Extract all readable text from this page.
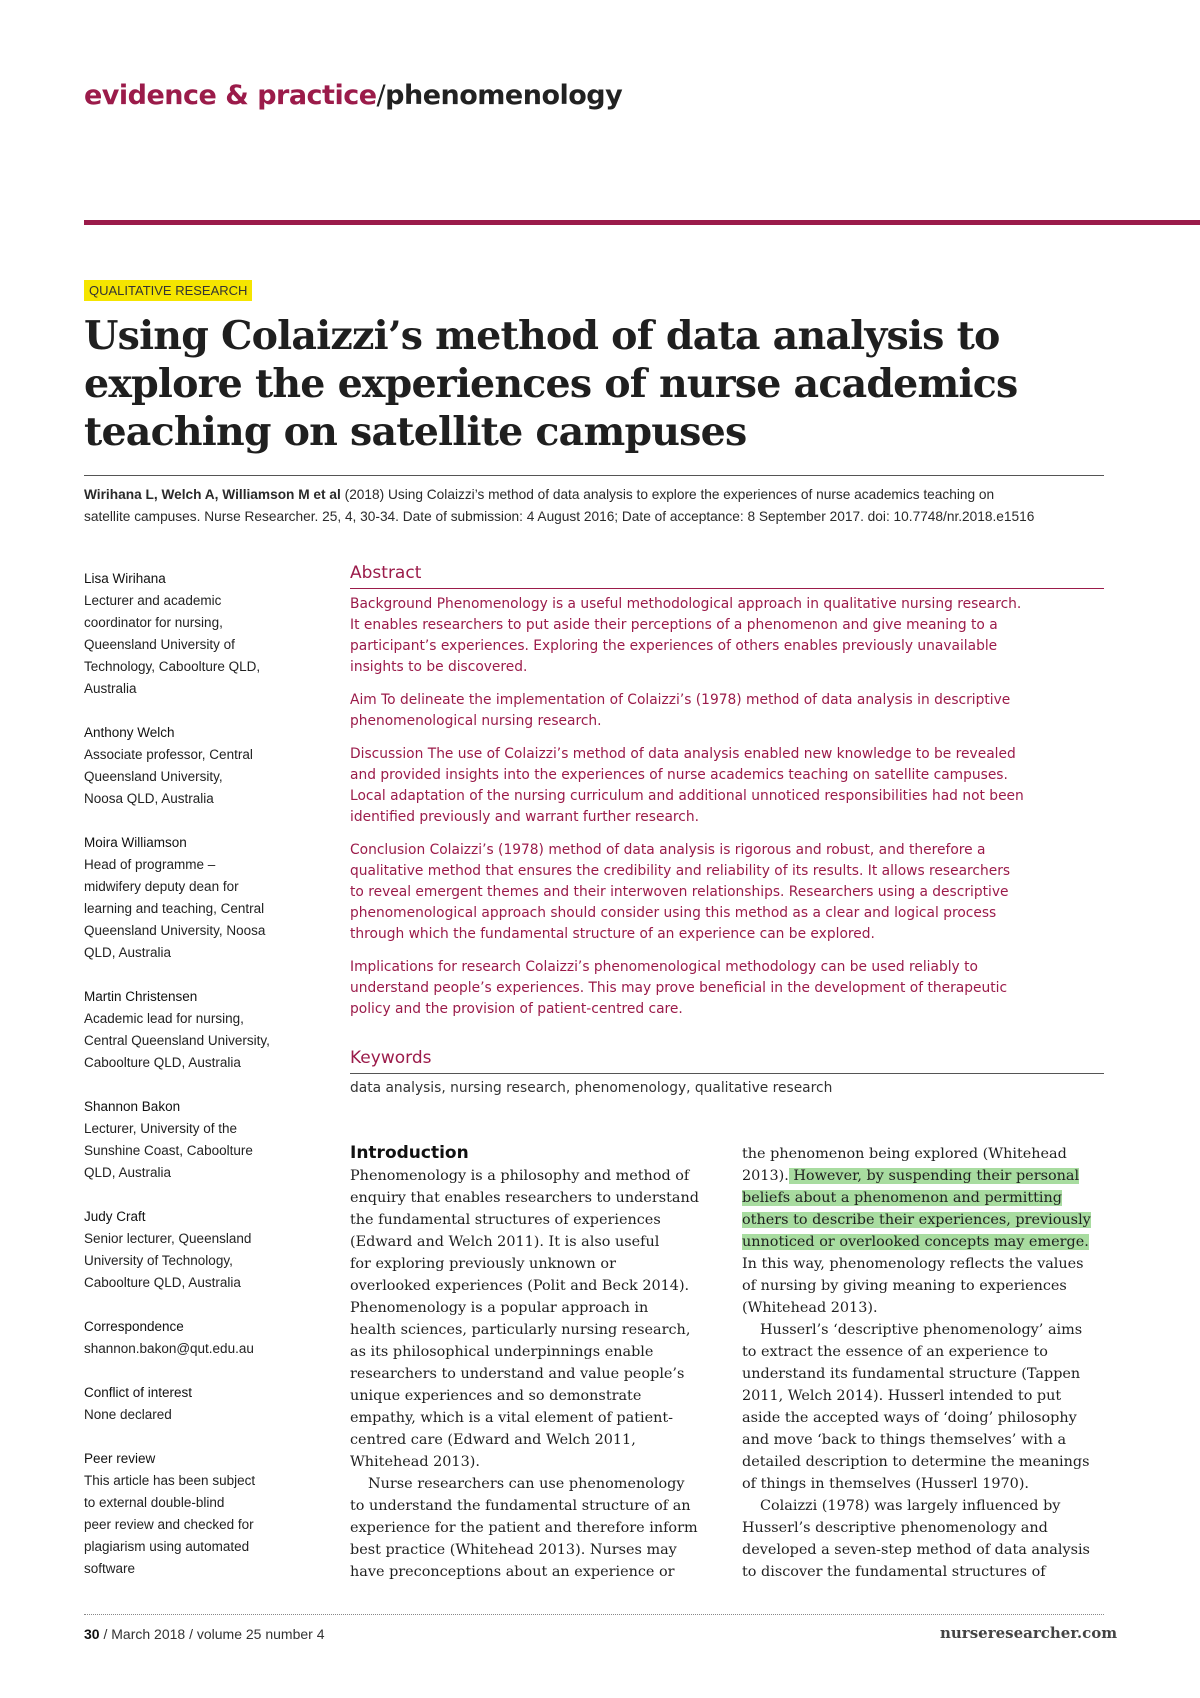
evidence & practice/phenomenology
QUALITATIVE RESEARCH
Using Colaizzi’s method of data analysis to
explore the experiences of nurse academics
teaching on satellite campuses
Wirihana L, Welch A, Williamson M et al (2018) Using Colaizzi’s method of data analysis to explore the experiences of nurse academics teaching on
satellite campuses. Nurse Researcher. 25, 4, 30-34. Date of submission: 4 August 2016; Date of acceptance: 8 September 2017. doi: 10.7748/nr.2018.e1516
Lisa Wirihana
Lecturer and academic
coordinator for nursing,
Queensland University of
Technology, Caboolture QLD,
Australia
Anthony Welch
Associate professor, Central
Queensland University,
Noosa QLD, Australia
Moira Williamson
Head of programme –
midwifery deputy dean for
learning and teaching, Central
Queensland University, Noosa
QLD, Australia
Martin Christensen
Academic lead for nursing,
Central Queensland University,
Caboolture QLD, Australia
Shannon Bakon
Lecturer, University of the
Sunshine Coast, Caboolture
QLD, Australia
Judy Craft
Senior lecturer, Queensland
University of Technology,
Caboolture QLD, Australia
Correspondence
shannon.bakon@qut.edu.au
Conflict of interest
None declared
Peer review
This article has been subject
to external double-blind
peer review and checked for
plagiarism using automated
software
Abstract

Background Phenomenology is a useful methodological approach in qualitative nursing research.
It enables researchers to put aside their perceptions of a phenomenon and give meaning to a
participant’s experiences. Exploring the experiences of others enables previously unavailable
insights to be discovered.

Aim To delineate the implementation of Colaizzi’s (1978) method of data analysis in descriptive
phenomenological nursing research.

Discussion The use of Colaizzi’s method of data analysis enabled new knowledge to be revealed
and provided insights into the experiences of nurse academics teaching on satellite campuses.
Local adaptation of the nursing curriculum and additional unnoticed responsibilities had not been
identified previously and warrant further research.

Conclusion Colaizzi’s (1978) method of data analysis is rigorous and robust, and therefore a
qualitative method that ensures the credibility and reliability of its results. It allows researchers
to reveal emergent themes and their interwoven relationships. Researchers using a descriptive
phenomenological approach should consider using this method as a clear and logical process
through which the fundamental structure of an experience can be explored.

Implications for research Colaizzi’s phenomenological methodology can be used reliably to
understand people’s experiences. This may prove beneficial in the development of therapeutic
policy and the provision of patient-centred care.

Keywords
data analysis, nursing research, phenomenology, qualitative research
Introduction

Phenomenology is a philosophy and method of
enquiry that enables researchers to understand
the fundamental structures of experiences
(Edward and Welch 2011). It is also useful
for exploring previously unknown or
overlooked experiences (Polit and Beck 2014).
Phenomenology is a popular approach in
health sciences, particularly nursing research,
as its philosophical underpinnings enable
researchers to understand and value people’s
unique experiences and so demonstrate
empathy, which is a vital element of patient-
centred care (Edward and Welch 2011,
Whitehead 2013).

Nurse researchers can use phenomenology
to understand the fundamental structure of an
experience for the patient and therefore inform
best practice (Whitehead 2013). Nurses may
have preconceptions about an experience or

the phenomenon being explored (Whitehead
2013). However, by suspending their personal
beliefs about a phenomenon and permitting
others to describe their experiences, previously
unnoticed or overlooked concepts may emerge.
In this way, phenomenology reflects the values
of nursing by giving meaning to experiences
(Whitehead 2013).

Husserl’s ‘descriptive phenomenology’ aims
to extract the essence of an experience to
understand its fundamental structure (Tappen
2011, Welch 2014). Husserl intended to put
aside the accepted ways of ‘doing’ philosophy
and move ‘back to things themselves’ with a
detailed description to determine the meanings
of things in themselves (Husserl 1970).

Colaizzi (1978) was largely influenced by
Husserl’s descriptive phenomenology and
developed a seven-step method of data analysis
to discover the fundamental structures of

30 / March 2018 / volume 25 number 4	nurseresearcher.com
